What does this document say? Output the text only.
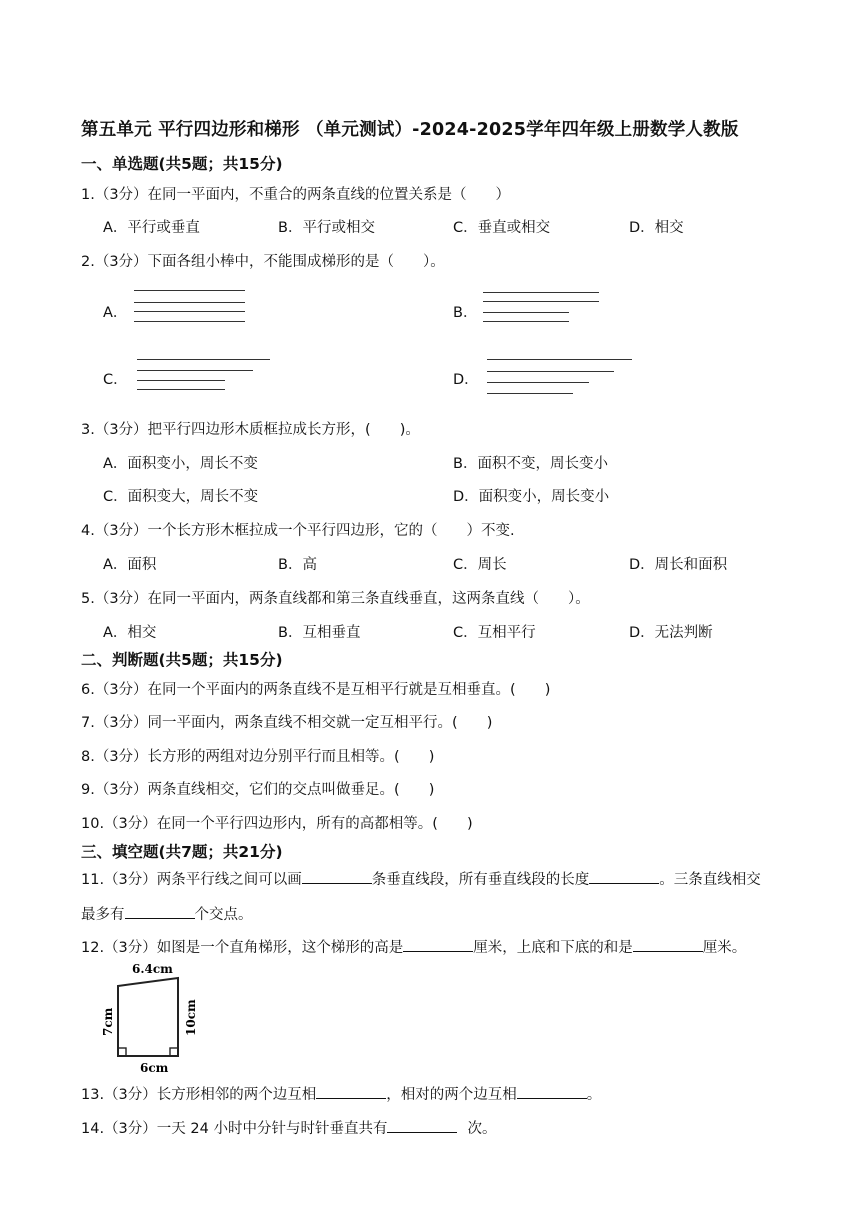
第五单元 平行四边形和梯形 （单元测试）-2024-2025学年四年级上册数学人教版
一、单选题(共5题；共15分)
1.（3分）在同一平面内，不重合的两条直线的位置关系是（　　）
A．平行或垂直	B．平行或相交	C．垂直或相交	D．相交
2.（3分）下面各组小棒中，不能围成梯形的是（　　）。
A．	B．
C．	D．
3.（3分）把平行四边形木质框拉成长方形，(　　)。
A．面积变小，周长不变	B．面积不变，周长变小
C．面积变大，周长不变	D．面积变小，周长变小
4.（3分）一个长方形木框拉成一个平行四边形，它的（　　）不变.
A．面积	B．高	C．周长	D．周长和面积
5.（3分）在同一平面内，两条直线都和第三条直线垂直，这两条直线（　　）。
A．相交	B．互相垂直	C．互相平行	D．无法判断
二、判断题(共5题；共15分)
6.（3分）在同一个平面内的两条直线不是互相平行就是互相垂直。(　　)
7.（3分）同一平面内，两条直线不相交就一定互相平行。(　　)
8.（3分）长方形的两组对边分别平行而且相等。(　　)
9.（3分）两条直线相交，它们的交点叫做垂足。(　　)
10.（3分）在同一个平行四边形内，所有的高都相等。(　　)
三、填空题(共7题；共21分)
11.（3分）两条平行线之间可以画	条垂直线段，所有垂直线段的长度	。三条直线相交
最多有	个交点。
12.（3分）如图是一个直角梯形，这个梯形的高是	厘米，上底和下底的和是	厘米。
6.4cm
6cm
7cm	10cm
13.（3分）长方形相邻的两个边互相	，相对的两个边互相	。
14.（3分）一天 24 小时中分针与时针垂直共有	次。
